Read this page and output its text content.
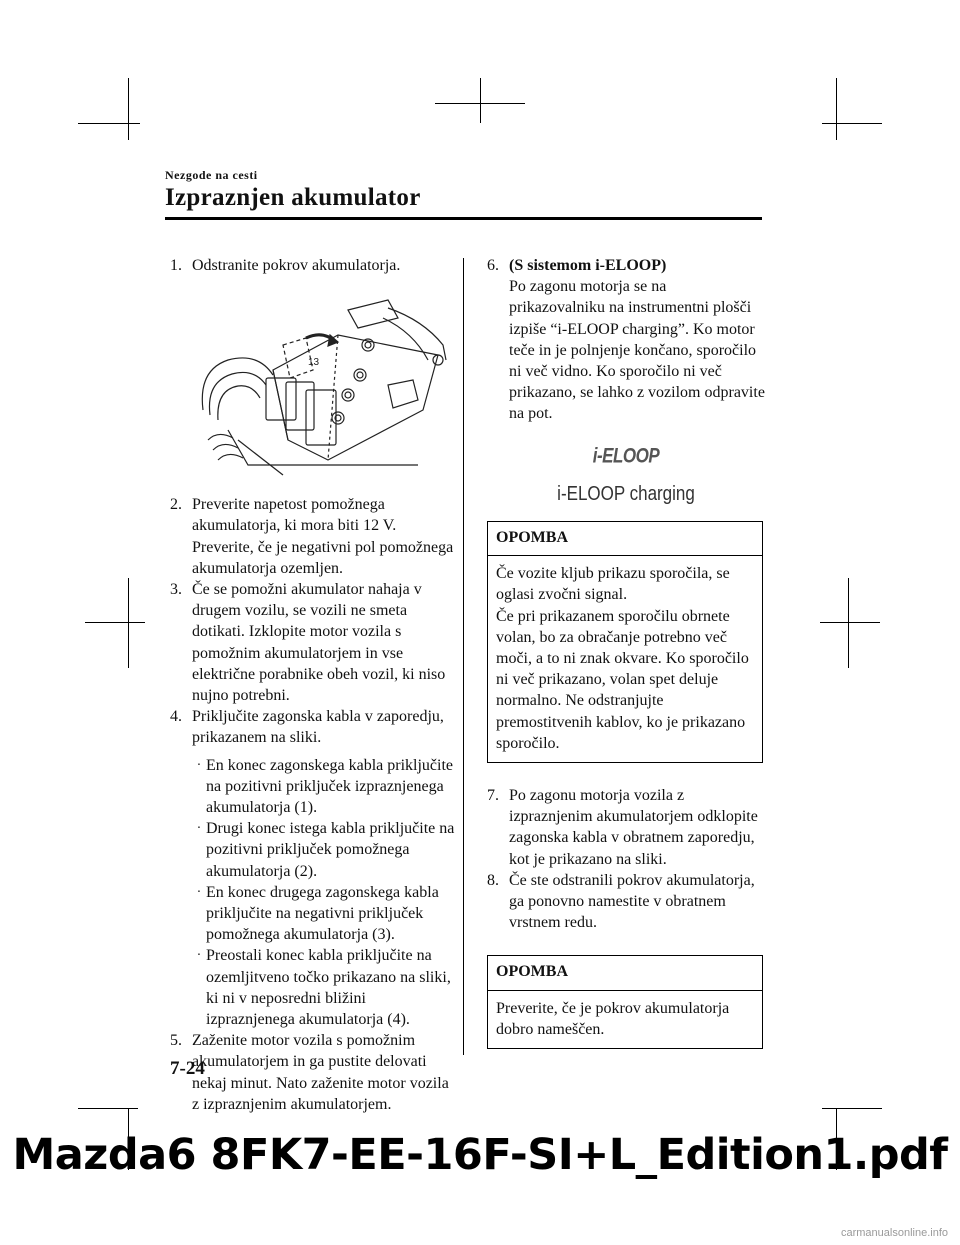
Nezgode na cesti
Izpraznjen akumulator
1. Odstranite pokrov akumulatorja.
13
2. Preverite napetost pomožnega akumulatorja, ki mora biti 12 V. Preverite, če je negativni pol pomožnega akumulatorja ozemljen.
3. Če se pomožni akumulator nahaja v drugem vozilu, se vozili ne smeta dotikati. Izklopite motor vozila s pomožnim akumulatorjem in vse električne porabnike obeh vozil, ki niso nujno potrebni.
4. Priključite zagonska kabla v zaporedju, prikazanem na sliki.
· En konec zagonskega kabla priključite na pozitivni priključek izpraznjenega akumulatorja (1).
· Drugi konec istega kabla priključite na pozitivni priključek pomožnega akumulatorja (2).
· En konec drugega zagonskega kabla priključite na negativni priključek pomožnega akumulatorja (3).
· Preostali konec kabla priključite na ozemljitveno točko prikazano na sliki, ki ni v neposredni bližini izpraznjenega akumulatorja (4).
5. Zaženite motor vozila s pomožnim akumulatorjem in ga pustite delovati nekaj minut. Nato zaženite motor vozila z izpraznjenim akumulatorjem.
6. (S sistemom i-ELOOP)
Po zagonu motorja se na prikazovalniku na instrumentni plošči izpiše “i-ELOOP charging”. Ko motor teče in je polnjenje končano, sporočilo ni več vidno. Ko sporočilo ni več prikazano, se lahko z vozilom odpravite na pot.
i-ELOOP
i-ELOOP charging
OPOMBA
Če vozite kljub prikazu sporočila, se oglasi zvočni signal.
Če pri prikazanem sporočilu obrnete volan, bo za obračanje potrebno več moči, a to ni znak okvare. Ko sporočilo ni več prikazano, volan spet deluje normalno. Ne odstranjujte premostitvenih kablov, ko je prikazano sporočilo.
7. Po zagonu motorja vozila z izpraznjenim akumulatorjem odklopite zagonska kabla v obratnem zaporedju, kot je prikazano na sliki.
8. Če ste odstranili pokrov akumulatorja, ga ponovno namestite v obratnem vrstnem redu.
OPOMBA
Preverite, če je pokrov akumulatorja dobro nameščen.
7-24
Mazda6 8FK7-EE-16F-SI+L_Edition1.pdf
carmanualsonline.info
